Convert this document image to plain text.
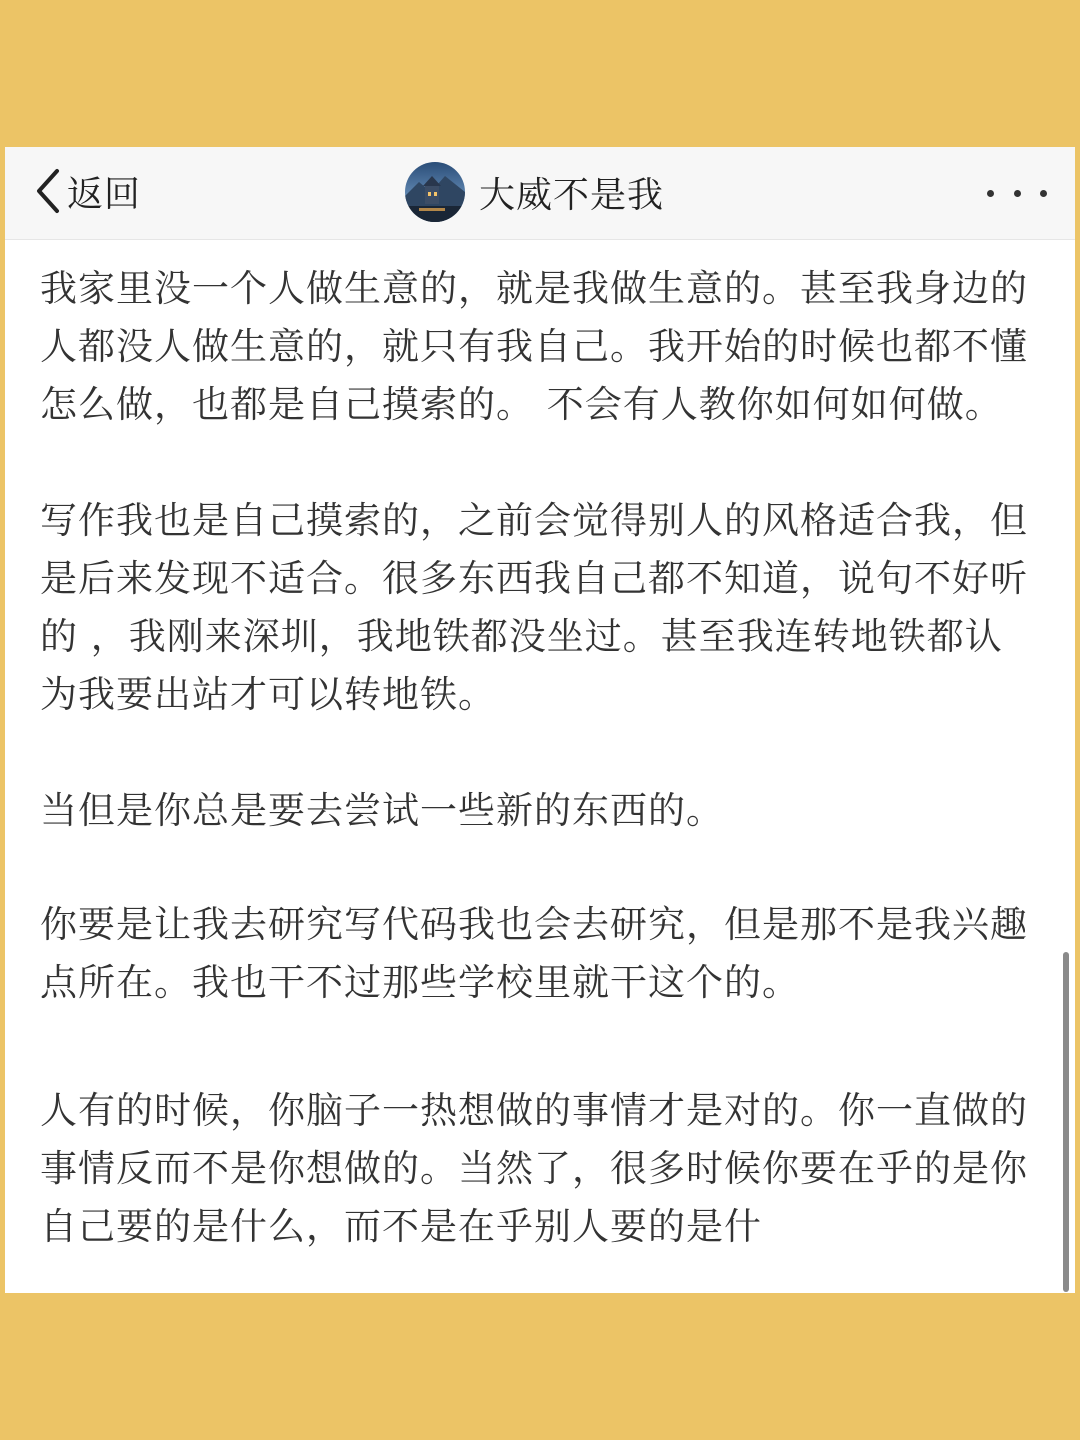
返回	大威不是我

我家里没一个人做生意的，就是我做生意的。甚至我身边的人都没人做生意的，就只有我自己。我开始的时候也都不懂怎么做，也都是自己摸索的。 不会有人教你如何如何做。

写作我也是自己摸索的，之前会觉得别人的风格适合我，但是后来发现不适合。很多东西我自己都不知道，说句不好听的 ，我刚来深圳，我地铁都没坐过。甚至我连转地铁都认为我要出站才可以转地铁。

当但是你总是要去尝试一些新的东西的。

你要是让我去研究写代码我也会去研究，但是那不是我兴趣点所在。我也干不过那些学校里就干这个的。

人有的时候，你脑子一热想做的事情才是对的。你一直做的事情反而不是你想做的。当然了，很多时候你要在乎的是你自己要的是什么，而不是在乎别人要的是什
